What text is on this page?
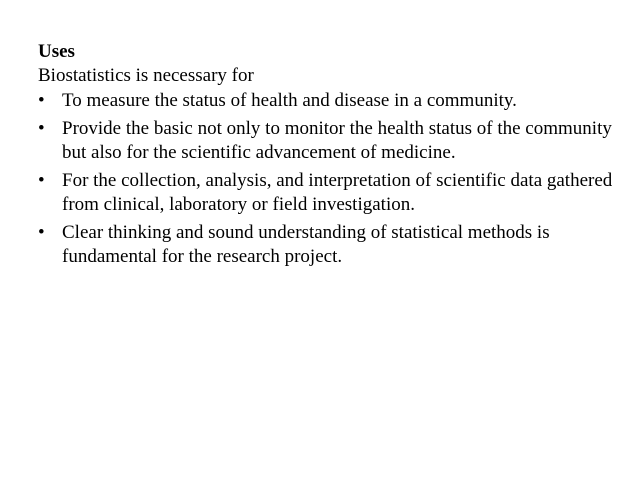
Uses

Biostatistics is necessary for

• To measure the status of health and disease in a community.
• Provide the basic not only to monitor the health status of the community but also for the scientific advancement of medicine.
• For the collection, analysis, and interpretation of scientific data gathered from clinical, laboratory or field investigation.
• Clear thinking and sound understanding of statistical methods is fundamental for the research project.
